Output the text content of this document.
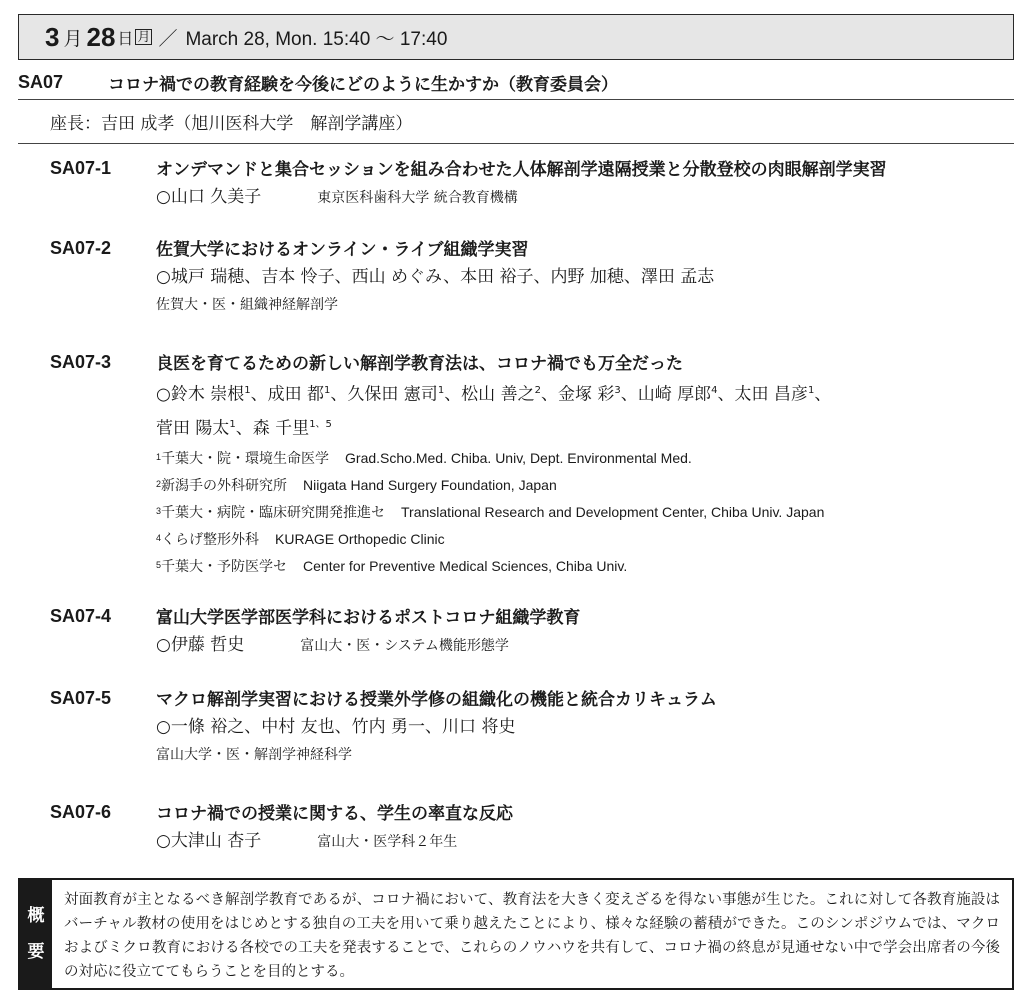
3 月 28 日 月 ／ March 28, Mon. 15:40 〜 17:40
SA07	コロナ禍での教育経験を今後にどのように生かすか（教育委員会）
座長：吉田 成孝（旭川医科大学　解剖学講座）
SA07-1	オンデマンドと集合セッションを組み合わせた人体解剖学遠隔授業と分散登校の肉眼解剖学実習
○山口 久美子	東京医科歯科大学 統合教育機構
SA07-2	佐賀大学におけるオンライン・ライブ組織学実習
○城戸 瑞穂、吉本 怜子、西山 めぐみ、本田 裕子、内野 加穂、澤田 孟志
佐賀大・医・組織神経解剖学
SA07-3	良医を育てるための新しい解剖学教育法は、コロナ禍でも万全だった
○鈴木 崇根$^1$、成田 都$^1$、久保田 憲司$^1$、松山 善之$^2$、金塚 彩$^3$、山崎 厚郎$^4$、太田 昌彦$^1$、
菅田 陽太$^1$、森 千里$^{1、5}$
$^1$千葉大・院・環境生命医学 Grad.Scho.Med. Chiba. Univ, Dept. Environmental Med.
$^2$新潟手の外科研究所 Niigata Hand Surgery Foundation, Japan
$^3$千葉大・病院・臨床研究開発推進セ Translational Research and Development Center, Chiba Univ. Japan
$^4$くらげ整形外科 KURAGE Orthopedic Clinic
$^5$千葉大・予防医学セ Center for Preventive Medical Sciences, Chiba Univ.
SA07-4	富山大学医学部医学科におけるポストコロナ組織学教育
○伊藤 哲史	富山大・医・システム機能形態学
SA07-5	マクロ解剖学実習における授業外学修の組織化の機能と統合カリキュラム
○一條 裕之、中村 友也、竹内 勇一、川口 将史
富山大学・医・解剖学神経科学
SA07-6	コロナ禍での授業に関する、学生の率直な反応
○大津山 杏子	富山大・医学科２年生
概
要
対面教育が主となるべき解剖学教育であるが、コロナ禍において、教育法を大きく変えざるを得ない事態が生じた。これに対して各教育施設はバーチャル教材の使用をはじめとする独自の工夫を用いて乗り越えたことにより、様々な経験の蓄積ができた。このシンポジウムでは、マクロおよびミクロ教育における各校での工夫を発表することで、これらのノウハウを共有して、コロナ禍の終息が見通せない中で学会出席者の今後の対応に役立ててもらうことを目的とする。
